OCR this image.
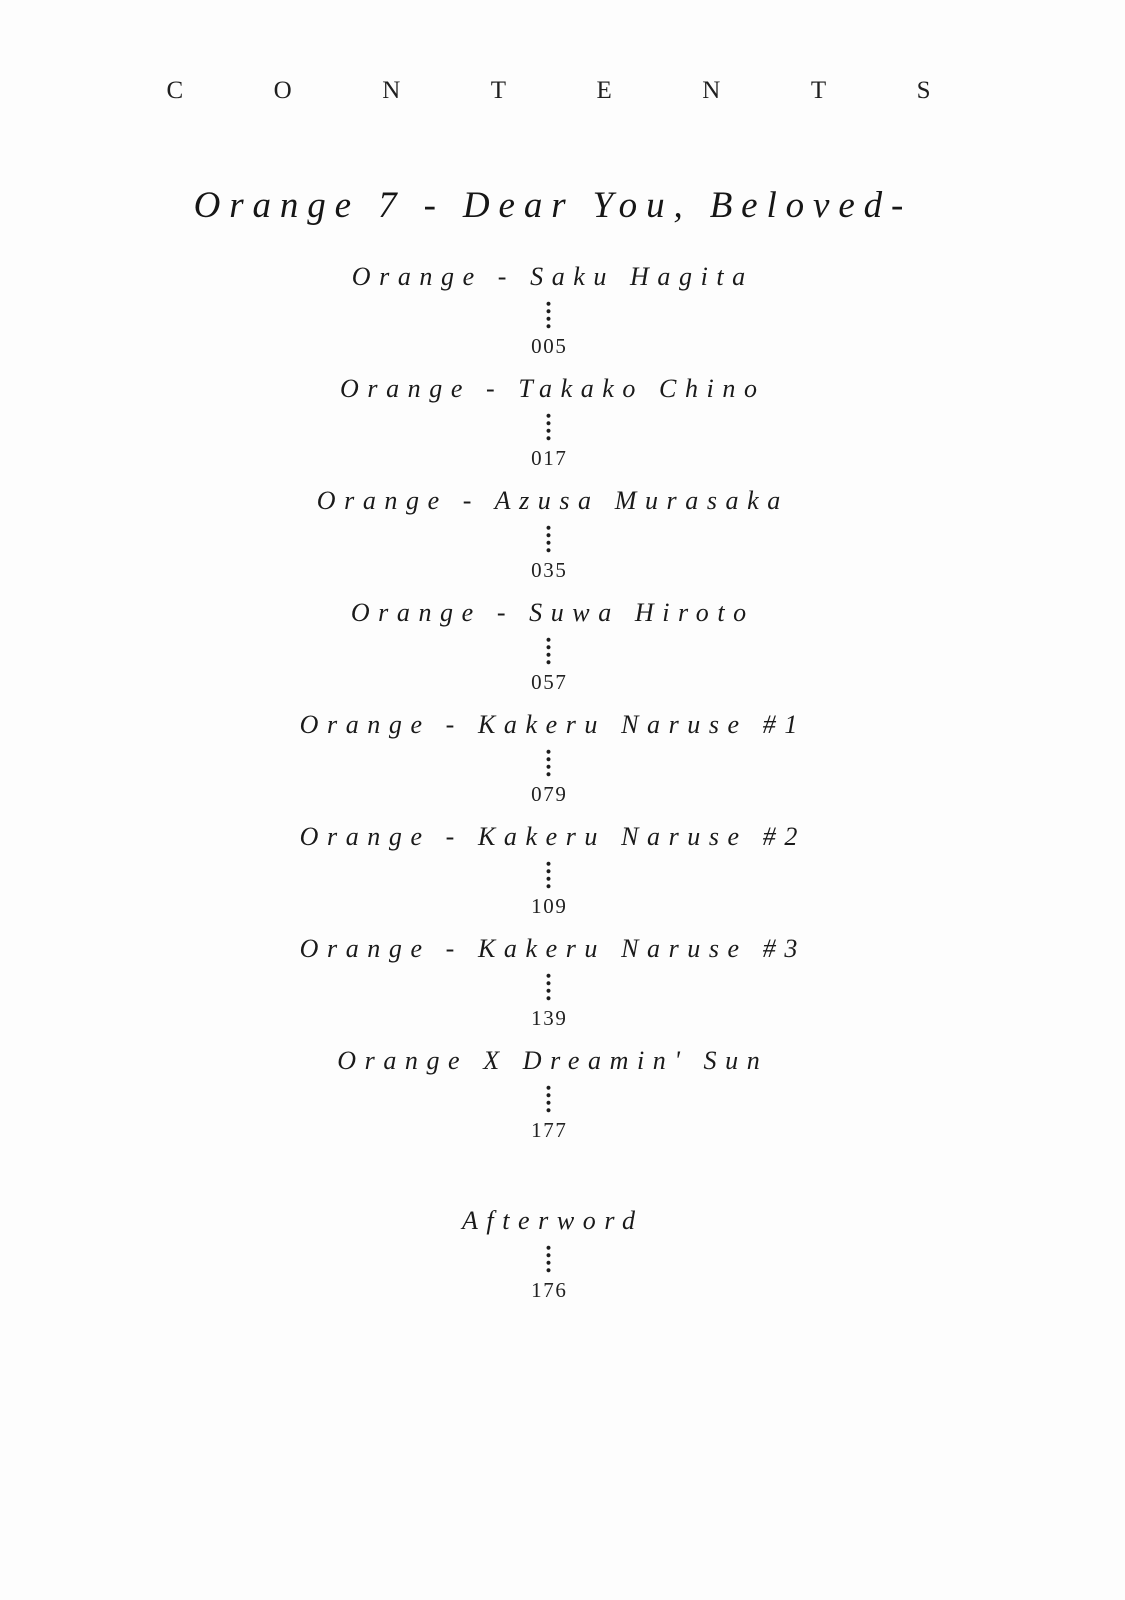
CONTENTS
Orange 7 - Dear You, Beloved-
Orange - Saku Hagita
005
Orange - Takako Chino
017
Orange - Azusa Murasaka
035
Orange - Suwa Hiroto
057
Orange - Kakeru Naruse #1
079
Orange - Kakeru Naruse #2
109
Orange - Kakeru Naruse #3
139
Orange X Dreamin' Sun
177
Afterword
176
